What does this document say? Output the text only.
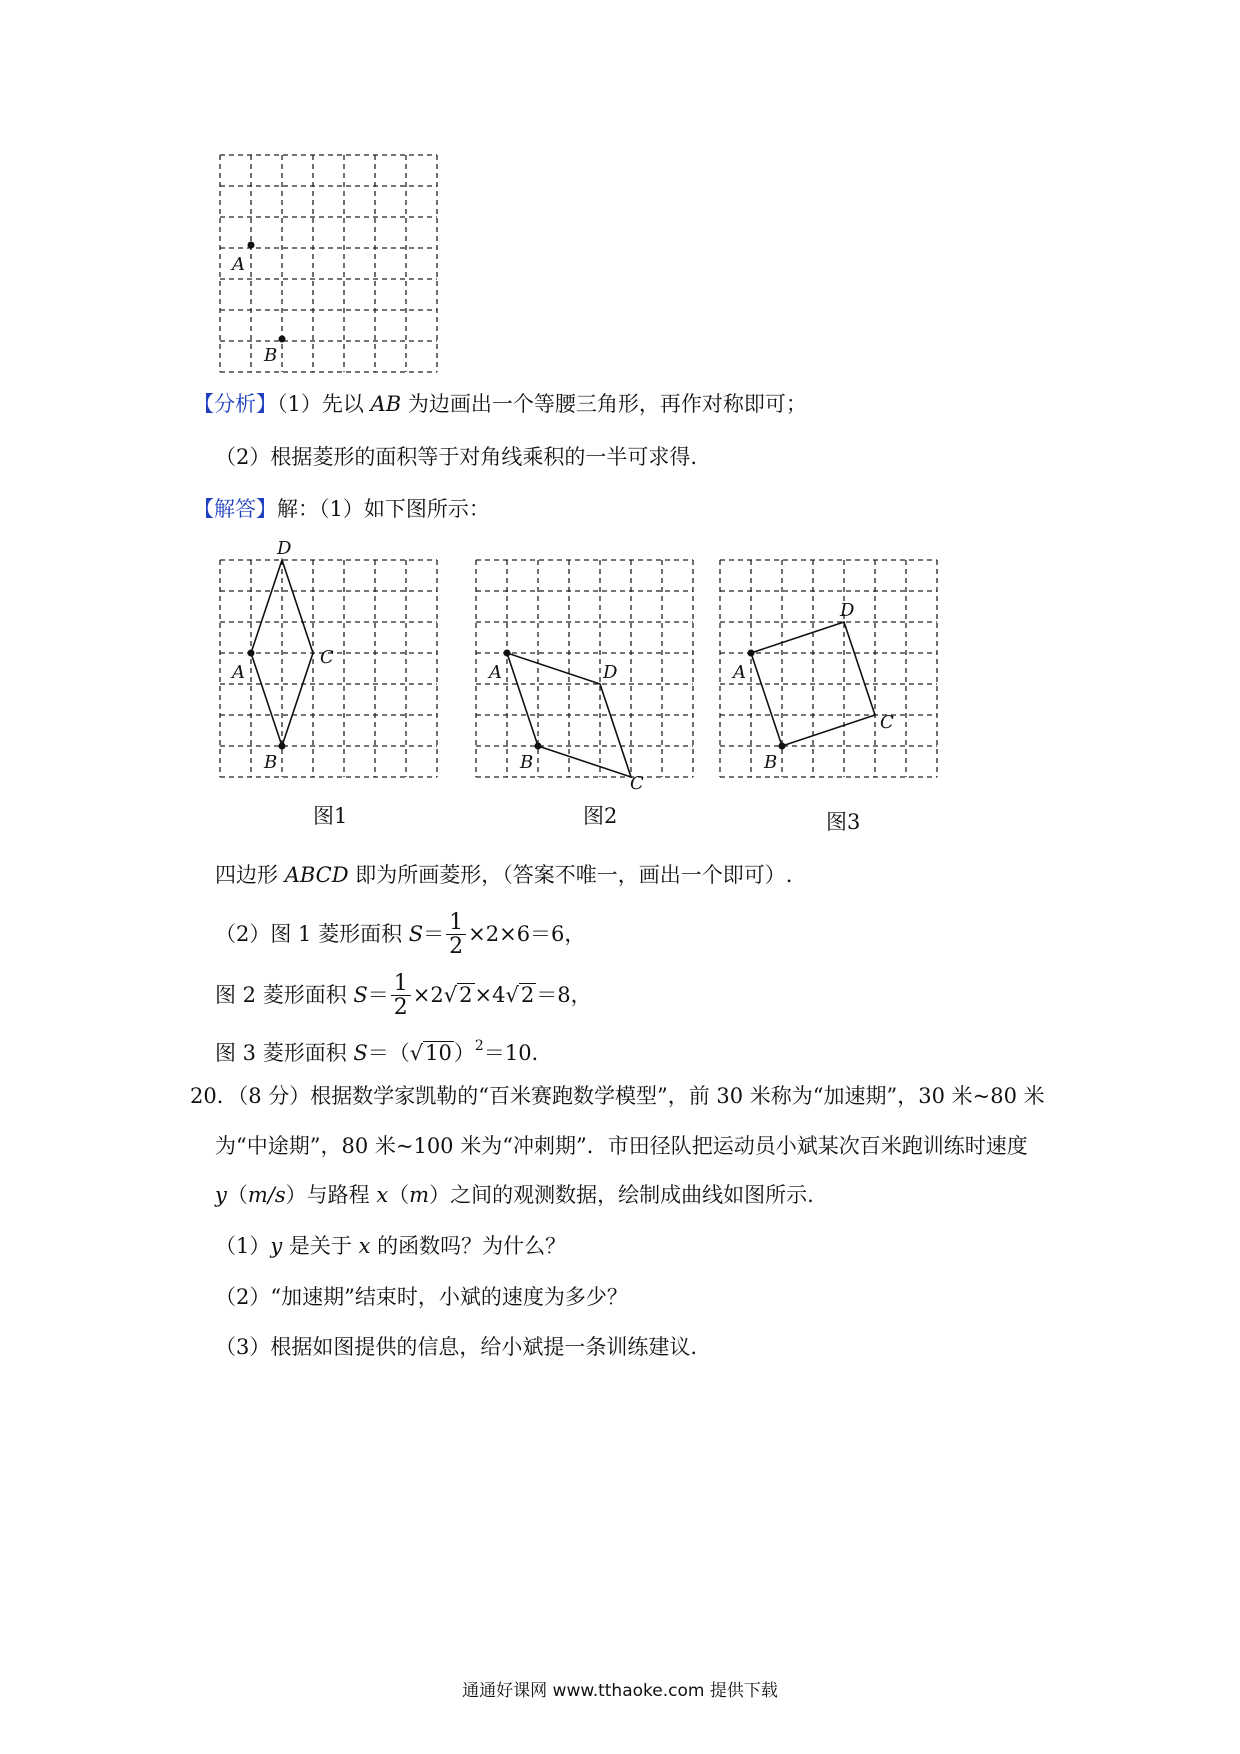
A
B
【分析】（1）先以 AB 为边画出一个等腰三角形，再作对称即可；
（2）根据菱形的面积等于对角线乘积的一半可求得.
【解答】解：（1）如下图所示：
D
A
C
B
A	D
B
C
A
D
C
B
图1	图2	图3
四边形 ABCD 即为所画菱形，（答案不唯一，画出一个即可）.
（2）图 1 菱形面积 $S= \frac{1}{2} \times 2\times 6=6$，
图 2 菱形面积 $S= \frac{1}{2} \times 2√2\times 4√2=8$，
图 3 菱形面积 $S=(√10)^2=10$.
20．（8 分）根据数学家凯勒的“百米赛跑数学模型”，前 30 米称为“加速期”，30 米~80 米
为“中途期”，80 米~100 米为“冲刺期”．市田径队把运动员小斌某次百米跑训练时速度
y（m/s）与路程 x（m）之间的观测数据，绘制成曲线如图所示.
（1）y 是关于 x 的函数吗？为什么？
（2）“加速期”结束时，小斌的速度为多少？
（3）根据如图提供的信息，给小斌提一条训练建议.
通通好课网 www.tthaoke.com 提供下载
